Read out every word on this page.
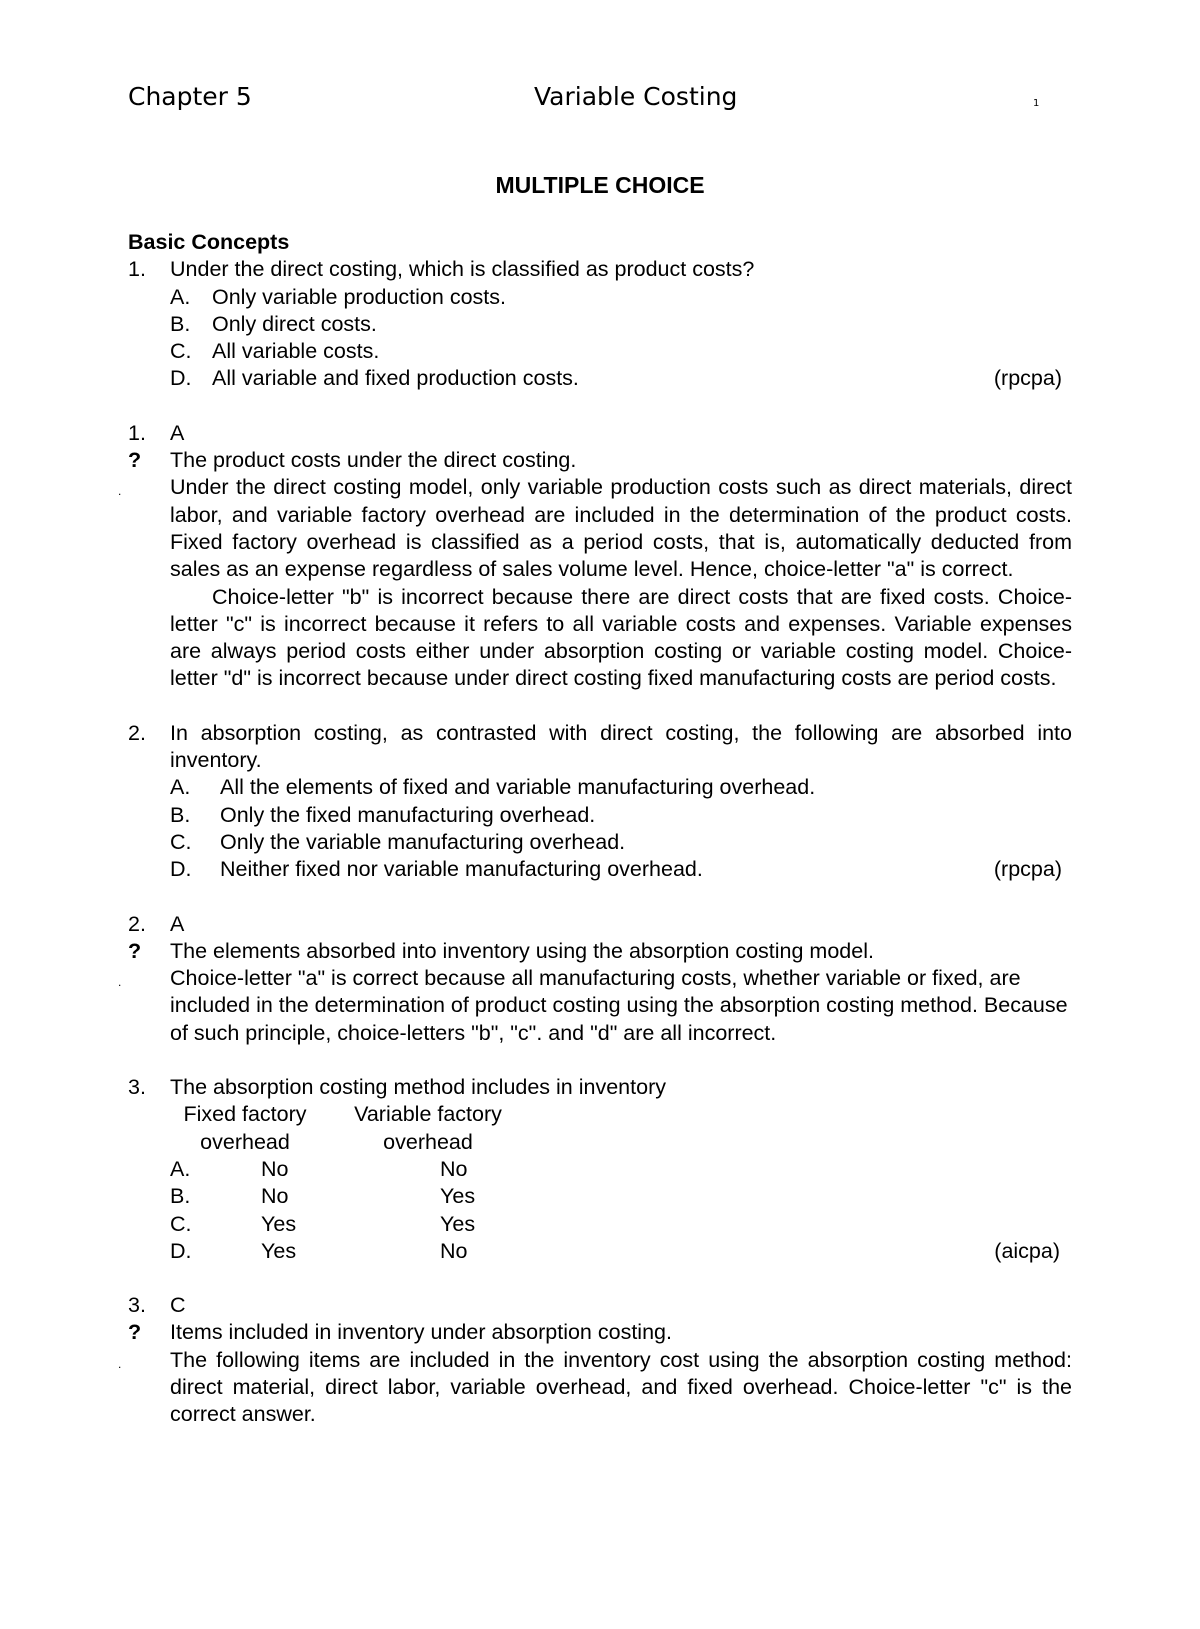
Chapter 5	Variable Costing	1
MULTIPLE CHOICE
Basic Concepts
1.	Under the direct costing, which is classified as product costs?
A. Only variable production costs.
B. Only direct costs.
C. All variable costs.
D. All variable and fixed production costs.	(rpcpa)
1.	A
?	The product costs under the direct costing.
.	Under the direct costing model, only variable production costs such as direct materials, direct labor, and variable factory overhead are included in the determination of the product costs. Fixed factory overhead is classified as a period costs, that is, automatically deducted from sales as an expense regardless of sales volume level. Hence, choice-letter "a" is correct.
Choice-letter "b" is incorrect because there are direct costs that are fixed costs. Choice-letter "c" is incorrect because it refers to all variable costs and expenses. Variable expenses are always period costs either under absorption costing or variable costing model. Choice-letter "d" is incorrect because under direct costing fixed manufacturing costs are period costs.
2.	In absorption costing, as contrasted with direct costing, the following are absorbed into inventory.
A. All the elements of fixed and variable manufacturing overhead.
B. Only the fixed manufacturing overhead.
C. Only the variable manufacturing overhead.
D. Neither fixed nor variable manufacturing overhead.	(rpcpa)
2.	A
?	The elements absorbed into inventory using the absorption costing model.
.	Choice-letter "a" is correct because all manufacturing costs, whether variable or fixed, are included in the determination of product costing using the absorption costing method. Because of such principle, choice-letters "b", "c". and "d" are all incorrect.
3.	The absorption costing method includes in inventory
Fixed factory
overhead
Variable factory
overhead
A.	No	No
B.	No	Yes
C.	Yes	Yes
D.	Yes	No	(aicpa)
3.	C
?	Items included in inventory under absorption costing.
.	The following items are included in the inventory cost using the absorption costing method: direct material, direct labor, variable overhead, and fixed overhead. Choice-letter "c" is the correct answer.
